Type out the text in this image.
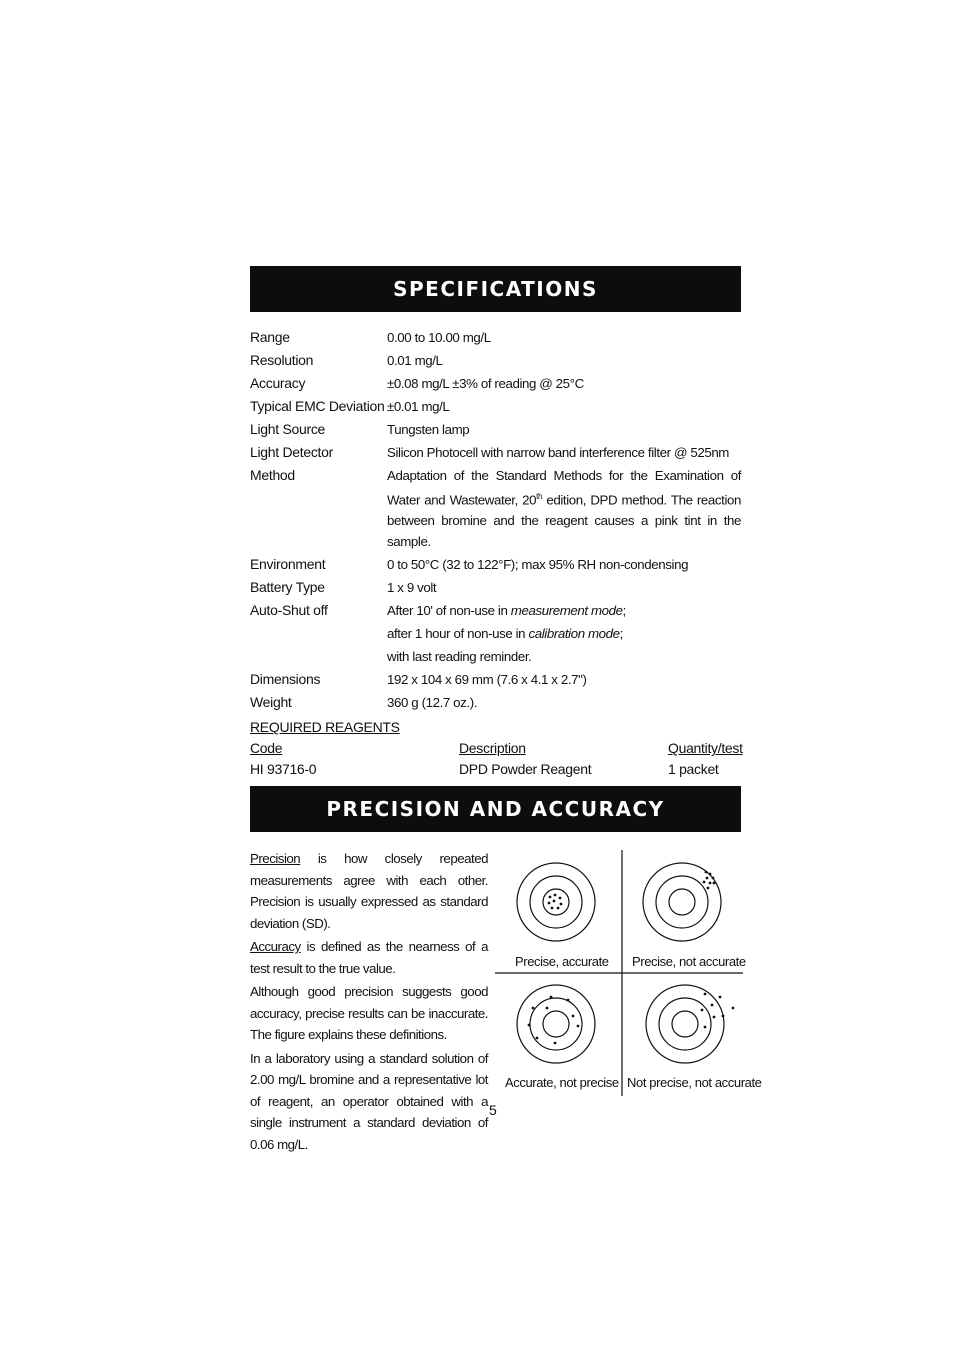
SPECIFICATIONS
Range	0.00 to 10.00 mg/L
Resolution	0.01 mg/L
Accuracy	±0.08 mg/L ±3% of reading @ 25°C
Typical EMC Deviation ±0.01 mg/L
Light Source	Tungsten lamp
Light Detector	Silicon Photocell with narrow band interference filter @ 525nm
Method	Adaptation of the Standard Methods for the Examination of Water and Wastewater, 20th edition, DPD method. The reaction between bromine and the reagent causes a pink tint in the sample.
Environment	0 to 50°C (32 to 122°F); max 95% RH non-condensing
Battery Type	1 x 9 volt
Auto-Shut off	After 10' of non-use in measurement mode;
after 1 hour of non-use in calibration mode;
with last reading reminder.
Dimensions	192 x 104 x 69 mm (7.6 x 4.1 x 2.7")
Weight	360 g (12.7 oz.).
REQUIRED REAGENTS
Code	Description	Quantity/test
HI 93716-0	DPD Powder Reagent	1 packet
PRECISION AND ACCURACY

Precision is how closely repeated measurements agree with each other. Precision is usually expressed as standard deviation (SD).

Accuracy is defined as the nearness of a test result to the true value.

Although good precision suggests good accuracy, precise results can be inaccurate. The figure explains these definitions.

In a laboratory using a standard solution of 2.00 mg/L bromine and a representative lot of reagent, an operator obtained with a single instrument a standard deviation of 0.06 mg/L.

Precise, accurate Precise, not accurate
Accurate, not precise Not precise, not accurate
5
